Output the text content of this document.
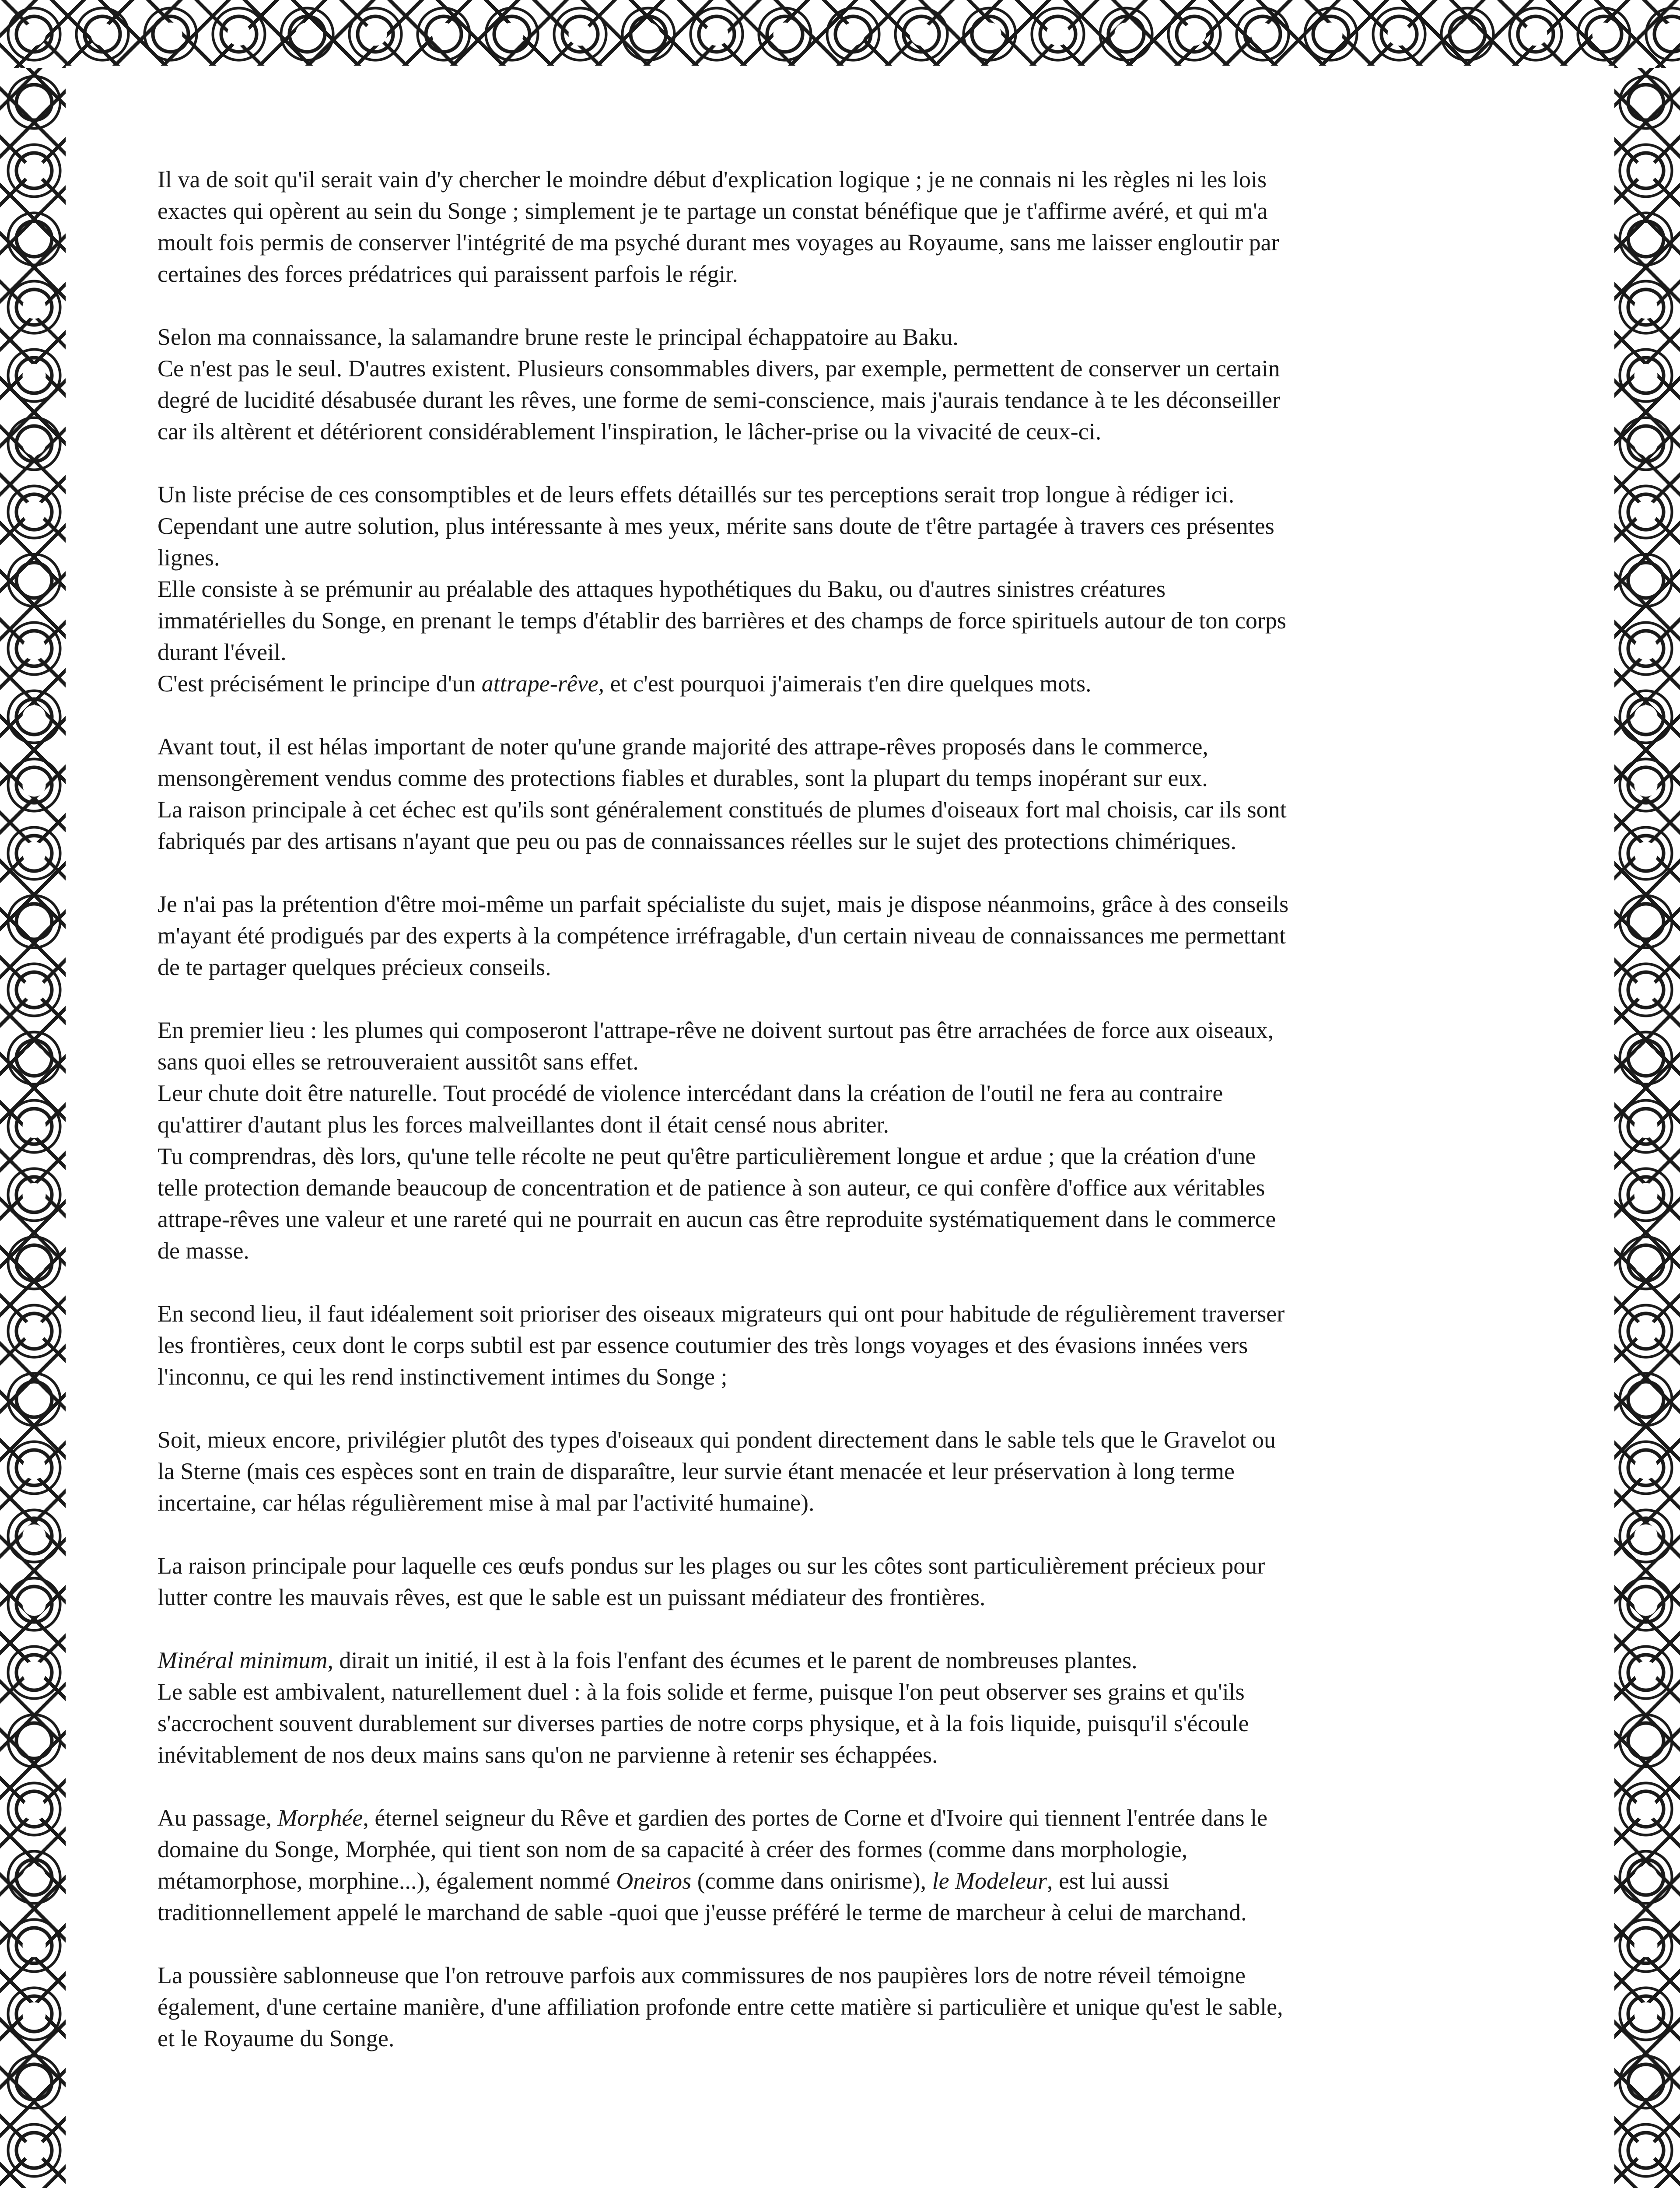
Il va de soit qu'il serait vain d'y chercher le moindre début d'explication logique ; je ne connais ni les règles ni les lois
exactes qui opèrent au sein du Songe ; simplement je te partage un constat bénéfique que je t'affirme avéré, et qui m'a
moult fois permis de conserver l'intégrité de ma psyché durant mes voyages au Royaume, sans me laisser engloutir par
certaines des forces prédatrices qui paraissent parfois le régir.
Selon ma connaissance, la salamandre brune reste le principal échappatoire au Baku.
Ce n'est pas le seul. D'autres existent. Plusieurs consommables divers, par exemple, permettent de conserver un certain
degré de lucidité désabusée durant les rêves, une forme de semi-conscience, mais j'aurais tendance à te les déconseiller
car ils altèrent et détériorent considérablement l'inspiration, le lâcher-prise ou la vivacité de ceux-ci.
Un liste précise de ces consomptibles et de leurs effets détaillés sur tes perceptions serait trop longue à rédiger ici.
Cependant une autre solution, plus intéressante à mes yeux, mérite sans doute de t'être partagée à travers ces présentes
lignes.
Elle consiste à se prémunir au préalable des attaques hypothétiques du Baku, ou d'autres sinistres créatures
immatérielles du Songe, en prenant le temps d'établir des barrières et des champs de force spirituels autour de ton corps
durant l'éveil.
C'est précisément le principe d'un attrape-rêve, et c'est pourquoi j'aimerais t'en dire quelques mots.
Avant tout, il est hélas important de noter qu'une grande majorité des attrape-rêves proposés dans le commerce,
mensongèrement vendus comme des protections fiables et durables, sont la plupart du temps inopérant sur eux.
La raison principale à cet échec est qu'ils sont généralement constitués de plumes d'oiseaux fort mal choisis, car ils sont
fabriqués par des artisans n'ayant que peu ou pas de connaissances réelles sur le sujet des protections chimériques.
Je n'ai pas la prétention d'être moi-même un parfait spécialiste du sujet, mais je dispose néanmoins, grâce à des conseils
m'ayant été prodigués par des experts à la compétence irréfragable, d'un certain niveau de connaissances me permettant
de te partager quelques précieux conseils.
En premier lieu : les plumes qui composeront l'attrape-rêve ne doivent surtout pas être arrachées de force aux oiseaux,
sans quoi elles se retrouveraient aussitôt sans effet.
Leur chute doit être naturelle. Tout procédé de violence intercédant dans la création de l'outil ne fera au contraire
qu'attirer d'autant plus les forces malveillantes dont il était censé nous abriter.
Tu comprendras, dès lors, qu'une telle récolte ne peut qu'être particulièrement longue et ardue ; que la création d'une
telle protection demande beaucoup de concentration et de patience à son auteur, ce qui confère d'office aux véritables
attrape-rêves une valeur et une rareté qui ne pourrait en aucun cas être reproduite systématiquement dans le commerce
de masse.
En second lieu, il faut idéalement soit prioriser des oiseaux migrateurs qui ont pour habitude de régulièrement traverser
les frontières, ceux dont le corps subtil est par essence coutumier des très longs voyages et des évasions innées vers
l'inconnu, ce qui les rend instinctivement intimes du Songe ;
Soit, mieux encore, privilégier plutôt des types d'oiseaux qui pondent directement dans le sable tels que le Gravelot ou
la Sterne (mais ces espèces sont en train de disparaître, leur survie étant menacée et leur préservation à long terme
incertaine, car hélas régulièrement mise à mal par l'activité humaine).
La raison principale pour laquelle ces œufs pondus sur les plages ou sur les côtes sont particulièrement précieux pour
lutter contre les mauvais rêves, est que le sable est un puissant médiateur des frontières.
Minéral minimum, dirait un initié, il est à la fois l'enfant des écumes et le parent de nombreuses plantes.
Le sable est ambivalent, naturellement duel : à la fois solide et ferme, puisque l'on peut observer ses grains et qu'ils
s'accrochent souvent durablement sur diverses parties de notre corps physique, et à la fois liquide, puisqu'il s'écoule
inévitablement de nos deux mains sans qu'on ne parvienne à retenir ses échappées.
Au passage, Morphée, éternel seigneur du Rêve et gardien des portes de Corne et d'Ivoire qui tiennent l'entrée dans le
domaine du Songe, Morphée, qui tient son nom de sa capacité à créer des formes (comme dans morphologie,
métamorphose, morphine...), également nommé Oneiros (comme dans onirisme), le Modeleur, est lui aussi
traditionnellement appelé le marchand de sable -quoi que j'eusse préféré le terme de marcheur à celui de marchand.
La poussière sablonneuse que l'on retrouve parfois aux commissures de nos paupières lors de notre réveil témoigne
également, d'une certaine manière, d'une affiliation profonde entre cette matière si particulière et unique qu'est le sable,
et le Royaume du Songe.
